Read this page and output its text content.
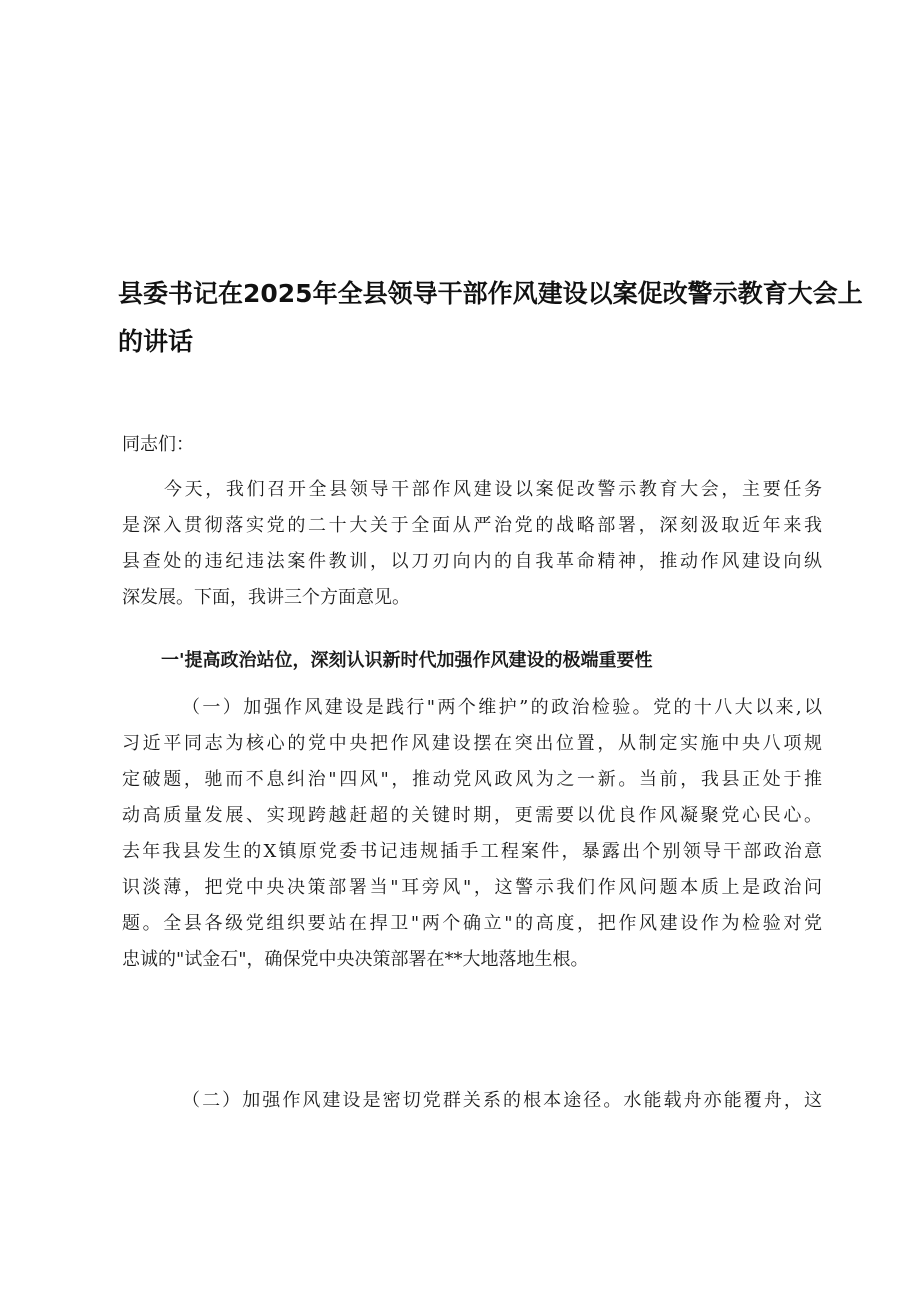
县委书记在2025年全县领导干部作风建设以案促改警示教育大会上
的讲话

同志们：

今天，我们召开全县领导干部作风建设以案促改警示教育大会，主要任务
是深入贯彻落实党的二十大关于全面从严治党的战略部署，深刻汲取近年来我
县查处的违纪违法案件教训，以刀刃向内的自我革命精神，推动作风建设向纵
深发展。下面，我讲三个方面意见。
一'提高政治站位，深刻认识新时代加强作风建设的极端重要性
（一）加强作风建设是践行"两个维护”的政治检验。党的十八大以来,以
习近平同志为核心的党中央把作风建设摆在突出位置，从制定实施中央八项规
定破题，驰而不息纠治"四风"，推动党风政风为之一新。当前，我县正处于推
动高质量发展、实现跨越赶超的关键时期，更需要以优良作风凝聚党心民心。
去年我县发生的X镇原党委书记违规插手工程案件，暴露出个别领导干部政治意
识淡薄，把党中央决策部署当"耳旁风"，这警示我们作风问题本质上是政治问
题。全县各级党组织要站在捍卫"两个确立"的高度，把作风建设作为检验对党
忠诚的"试金石"，确保党中央决策部署在**大地落地生根。
（二）加强作风建设是密切党群关系的根本途径。水能载舟亦能覆舟，这
